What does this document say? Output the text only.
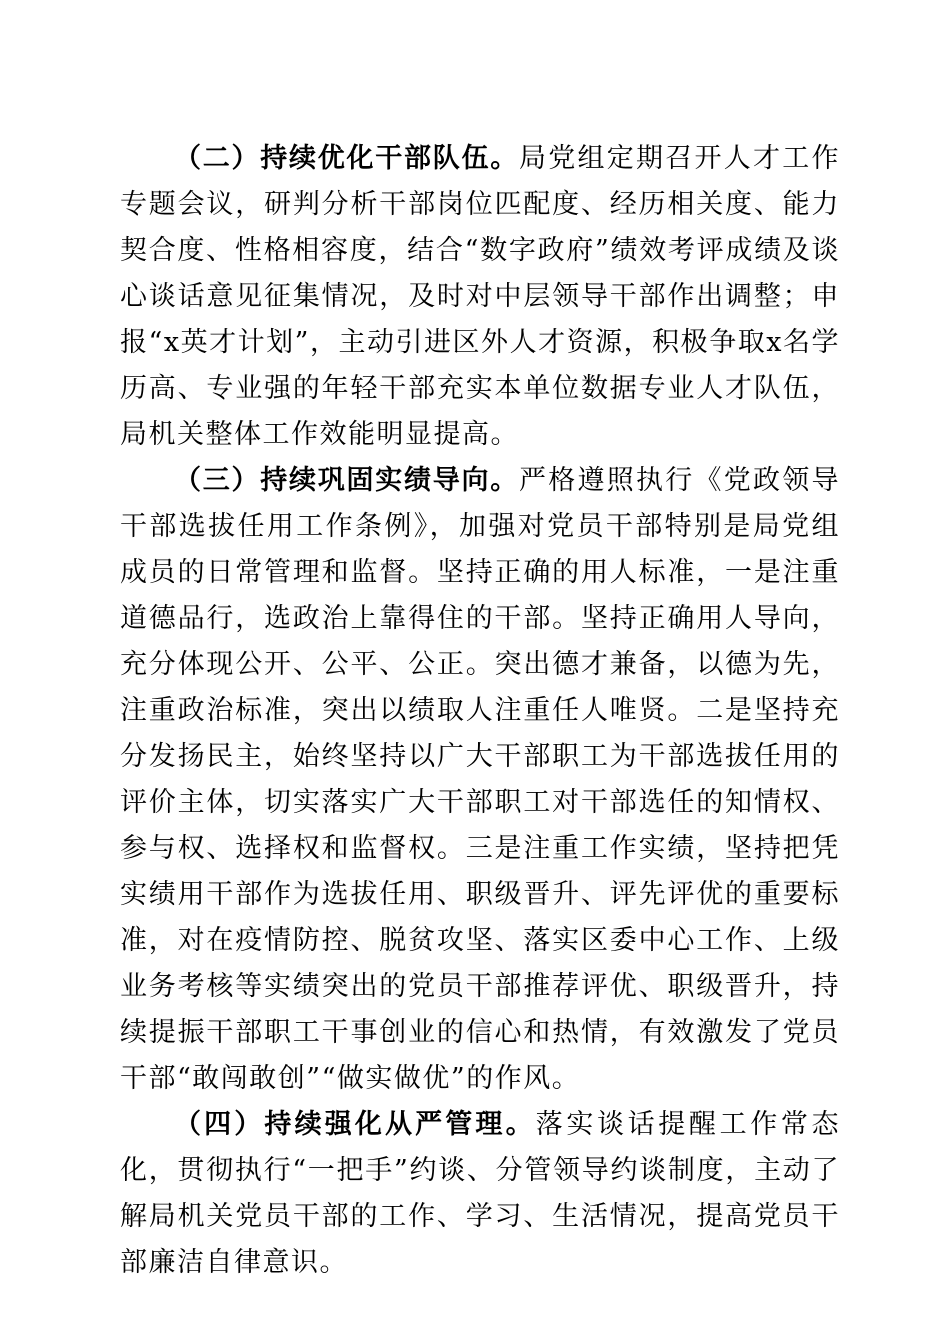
（二）持续优化干部队伍。局党组定期召开人才工作专题会议，研判分析干部岗位匹配度、经历相关度、能力契合度、性格相容度，结合“数字政府”绩效考评成绩及谈心谈话意见征集情况，及时对中层领导干部作出调整；申报“x英才计划”，主动引进区外人才资源，积极争取x名学历高、专业强的年轻干部充实本单位数据专业人才队伍，局机关整体工作效能明显提高。

（三）持续巩固实绩导向。严格遵照执行《党政领导干部选拔任用工作条例》，加强对党员干部特别是局党组成员的日常管理和监督。坚持正确的用人标准，一是注重道德品行，选政治上靠得住的干部。坚持正确用人导向，充分体现公开、公平、公正。突出德才兼备，以德为先，注重政治标准，突出以绩取人注重任人唯贤。二是坚持充分发扬民主，始终坚持以广大干部职工为干部选拔任用的评价主体，切实落实广大干部职工对干部选任的知情权、参与权、选择权和监督权。三是注重工作实绩，坚持把凭实绩用干部作为选拔任用、职级晋升、评先评优的重要标准，对在疫情防控、脱贫攻坚、落实区委中心工作、上级业务考核等实绩突出的党员干部推荐评优、职级晋升，持续提振干部职工干事创业的信心和热情，有效激发了党员干部“敢闯敢创”“做实做优”的作风。

（四）持续强化从严管理。落实谈话提醒工作常态化，贯彻执行“一把手”约谈、分管领导约谈制度，主动了解局机关党员干部的工作、学习、生活情况，提高党员干部廉洁自律意识。
